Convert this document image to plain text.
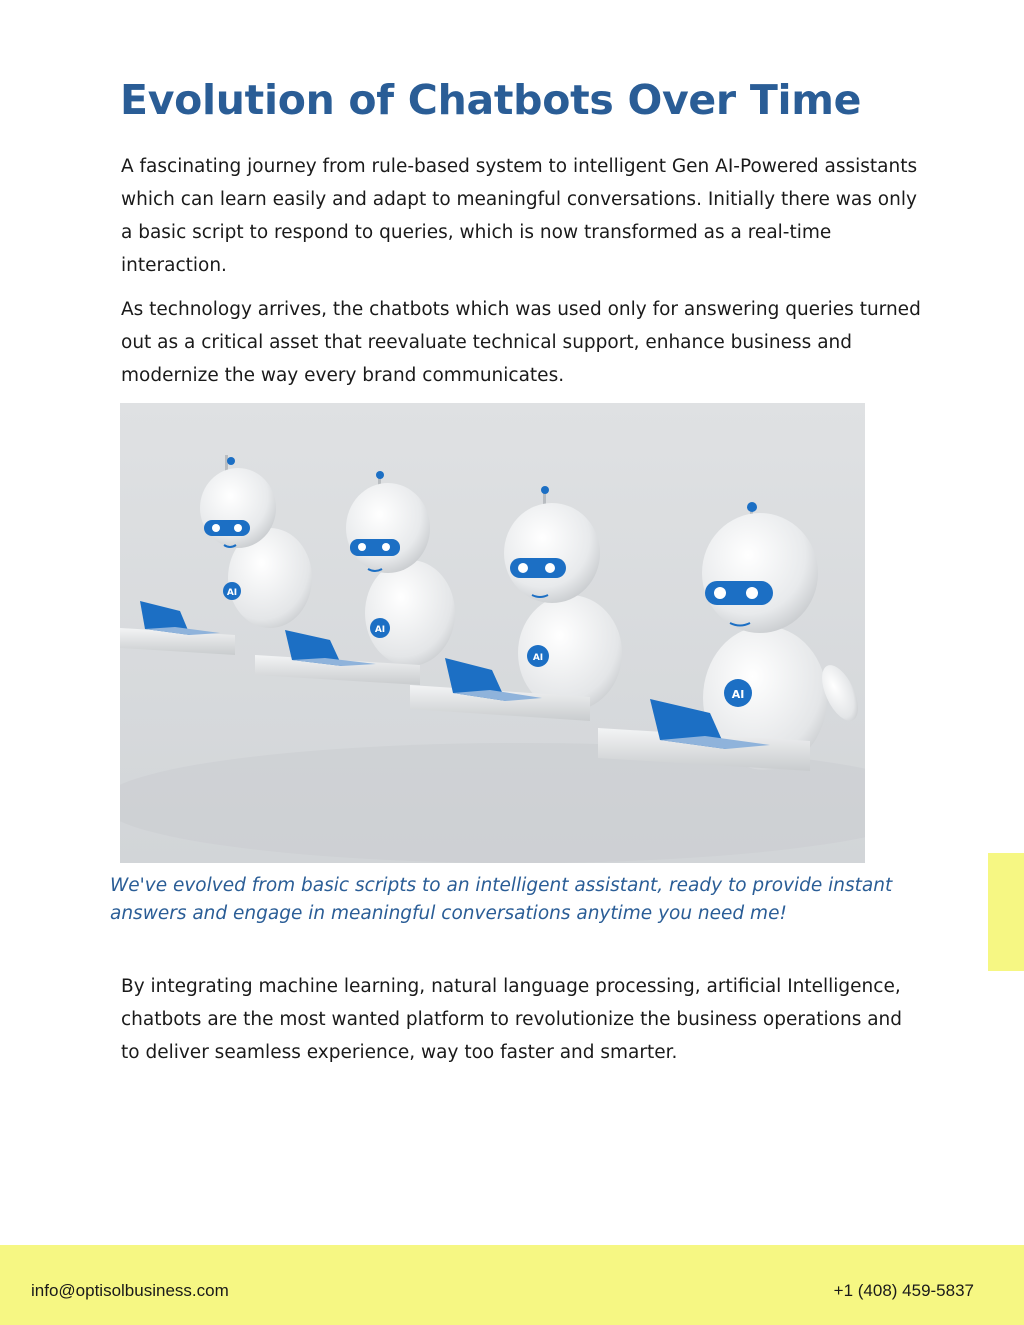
Evolution of Chatbots Over Time

A fascinating journey from rule-based system to intelligent Gen AI-Powered assistants which can learn easily and adapt to meaningful conversations. Initially there was only a basic script to respond to queries, which is now transformed as a real-time interaction.

As technology arrives, the chatbots which was used only for answering queries turned out as a critical asset that reevaluate technical support, enhance business and modernize the way every brand communicates.

AI
AI
AI
AI

We've evolved from basic scripts to an intelligent assistant, ready to provide instant answers and engage in meaningful conversations anytime you need me!

By integrating machine learning, natural language processing, artificial Intelligence, chatbots are the most wanted platform to revolutionize the business operations and to deliver seamless experience, way too faster and smarter.

info@optisolbusiness.com	+1 (408) 459-5837
